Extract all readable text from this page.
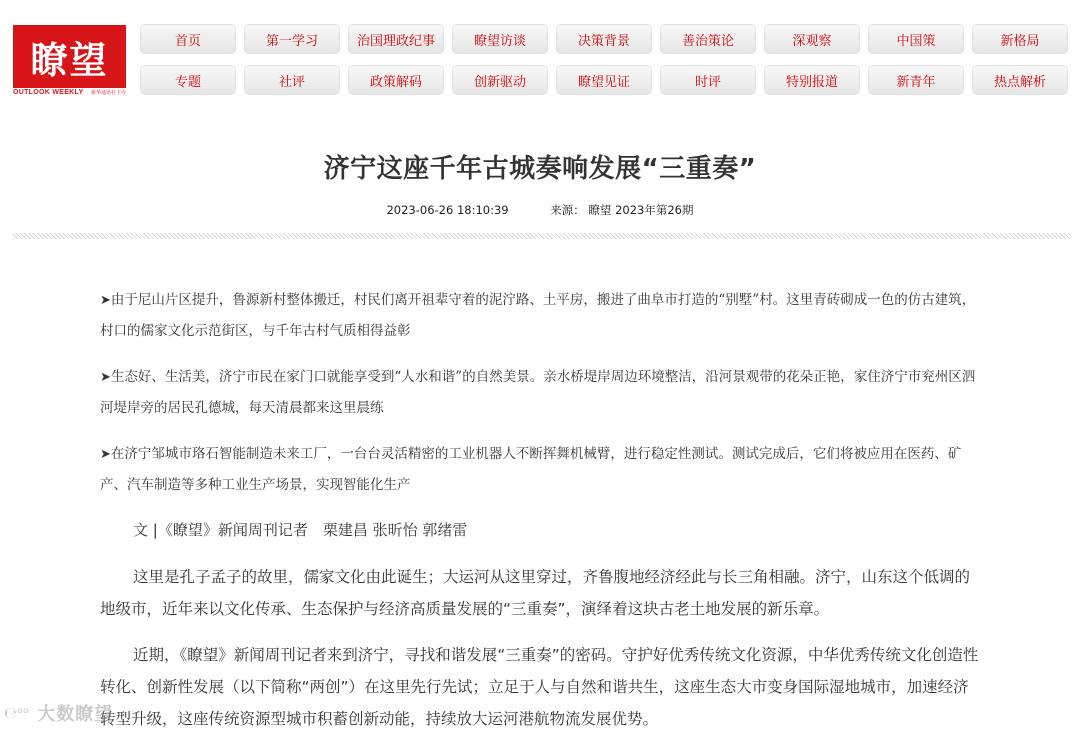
瞭望
OUTLOOK WEEKLY 新华通讯社主办
首页	第一学习	治国理政纪事	瞭望访谈	决策背景	善治策论	深观察	中国策	新格局
专题	社评	政策解码	创新驱动	瞭望见证	时评	特别报道	新青年	热点解析
济宁这座千年古城奏响发展“三重奏”
2023-06-26 18:10:39	来源： 瞭望 2023年第26期

➤由于尼山片区提升，鲁源新村整体搬迁，村民们离开祖辈守着的泥泞路、土平房，搬进了曲阜市打造的“别墅”村。这里青砖砌成一色的仿古建筑，村口的儒家文化示范街区，与千年古村气质相得益彰

➤生态好、生活美，济宁市民在家门口就能享受到“人水和谐”的自然美景。亲水桥堤岸周边环境整洁，沿河景观带的花朵正艳，家住济宁市兖州区泗河堤岸旁的居民孔德城，每天清晨都来这里晨练

➤在济宁邹城市珞石智能制造未来工厂，一台台灵活精密的工业机器人不断挥舞机械臂，进行稳定性测试。测试完成后，它们将被应用在医药、矿产、汽车制造等多种工业生产场景，实现智能化生产

文 |《瞭望》新闻周刊记者　栗建昌 张昕怡 郭绪雷

这里是孔子孟子的故里，儒家文化由此诞生；大运河从这里穿过，齐鲁腹地经济经此与长三角相融。济宁，山东这个低调的地级市，近年来以文化传承、生态保护与经济高质量发展的“三重奏”，演绎着这块古老土地发展的新乐章。

近期，《瞭望》新闻周刊记者来到济宁，寻找和谐发展“三重奏”的密码。守护好优秀传统文化资源，中华优秀传统文化创造性转化、创新性发展（以下简称“两创”）在这里先行先试；立足于人与自然和谐共生，这座生态大市变身国际湿地城市，加速经济转型升级，这座传统资源型城市积蓄创新动能，持续放大运河港航物流发展优势。

℮ᵒᵒ 大数瞭望
